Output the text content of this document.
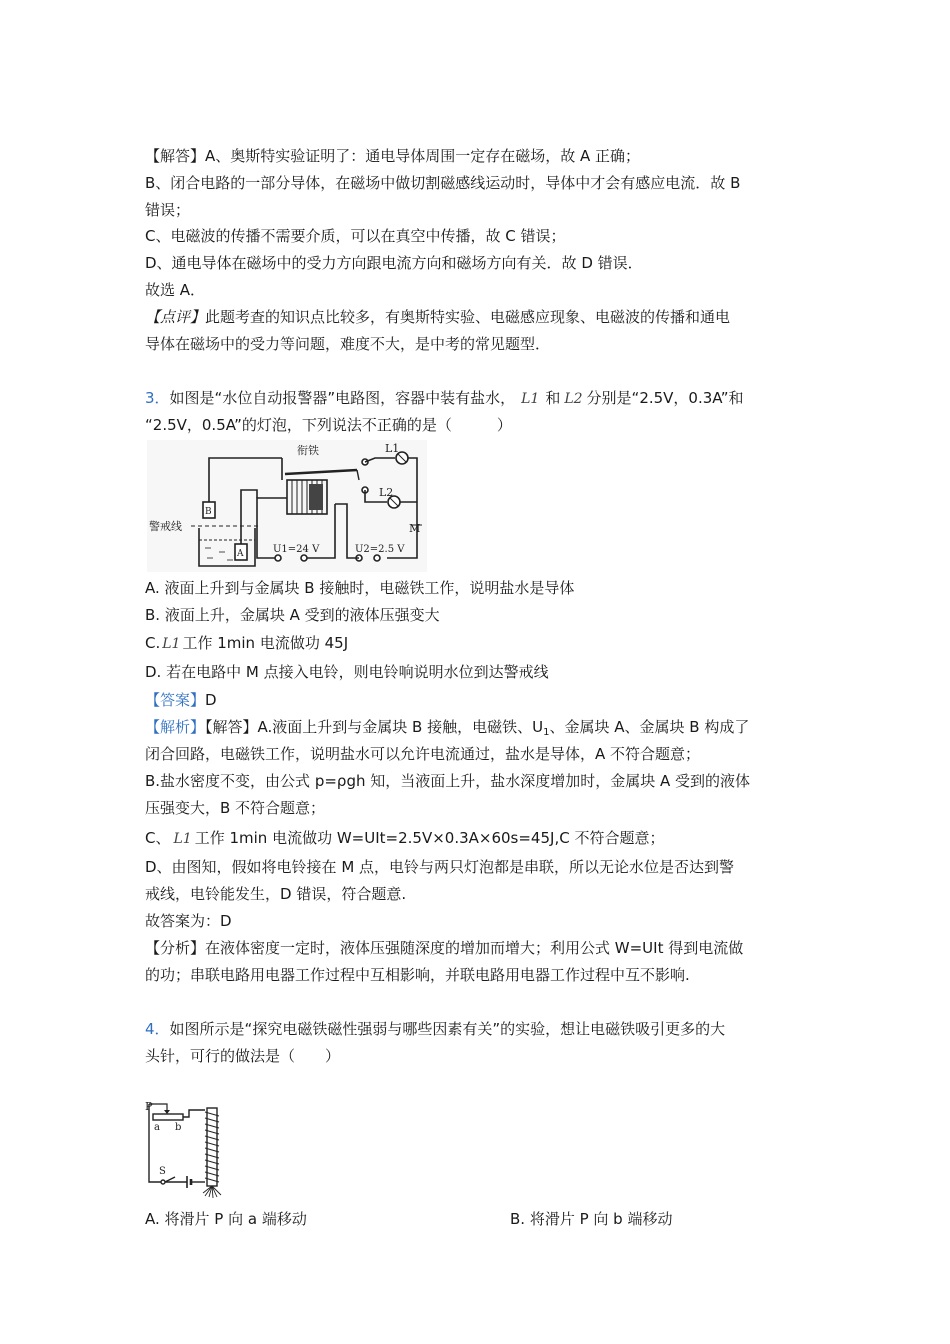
【解答】A、奥斯特实验证明了：通电导体周围一定存在磁场，故 A 正确；
B、闭合电路的一部分导体，在磁场中做切割磁感线运动时，导体中才会有感应电流．故 B
错误；
C、电磁波的传播不需要介质，可以在真空中传播，故 C 错误；
D、通电导体在磁场中的受力方向跟电流方向和磁场方向有关．故 D 错误．
故选 A．
【点评】此题考查的知识点比较多，有奥斯特实验、电磁感应现象、电磁波的传播和通电
导体在磁场中的受力等问题，难度不大，是中考的常见题型．
3．如图是“水位自动报警器”电路图，容器中装有盐水， L1 和 L2 分别是“2.5V，0.3A”和
“2.5V，0.5A”的灯泡，下列说法不正确的是（　　　）
衔铁	L1
L2
M
B
A
警戒线
U1=24 V	U2=2.5 V
A. 液面上升到与金属块 B 接触时，电磁铁工作，说明盐水是导体
B. 液面上升，金属块 A 受到的液体压强变大
C. L1 工作 1min 电流做功 45J
D. 若在电路中 M 点接入电铃，则电铃响说明水位到达警戒线
【答案】D
【解析】【解答】A.液面上升到与金属块 B 接触，电磁铁、$U_1$、金属块 A、金属块 B 构成了
闭合回路，电磁铁工作，说明盐水可以允许电流通过，盐水是导体，A 不符合题意；
B.盐水密度不变，由公式 p=ρgh 知，当液面上升，盐水深度增加时，金属块 A 受到的液体
压强变大，B 不符合题意；
C、 L1 工作 1min 电流做功 W=UIt=2.5V×0.3A×60s=45J,C 不符合题意；
D、由图知，假如将电铃接在 M 点，电铃与两只灯泡都是串联，所以无论水位是否达到警
戒线，电铃能发生，D 错误，符合题意.
故答案为：D
【分析】在液体密度一定时，液体压强随深度的增加而增大；利用公式 W=UIt 得到电流做
的功；串联电路用电器工作过程中互相影响，并联电路用电器工作过程中互不影响.
4．如图所示是“探究电磁铁磁性强弱与哪些因素有关”的实验，想让电磁铁吸引更多的大
头针，可行的做法是（　　）
P
a b
S
A. 将滑片 P 向 a 端移动	B. 将滑片 P 向 b 端移动
